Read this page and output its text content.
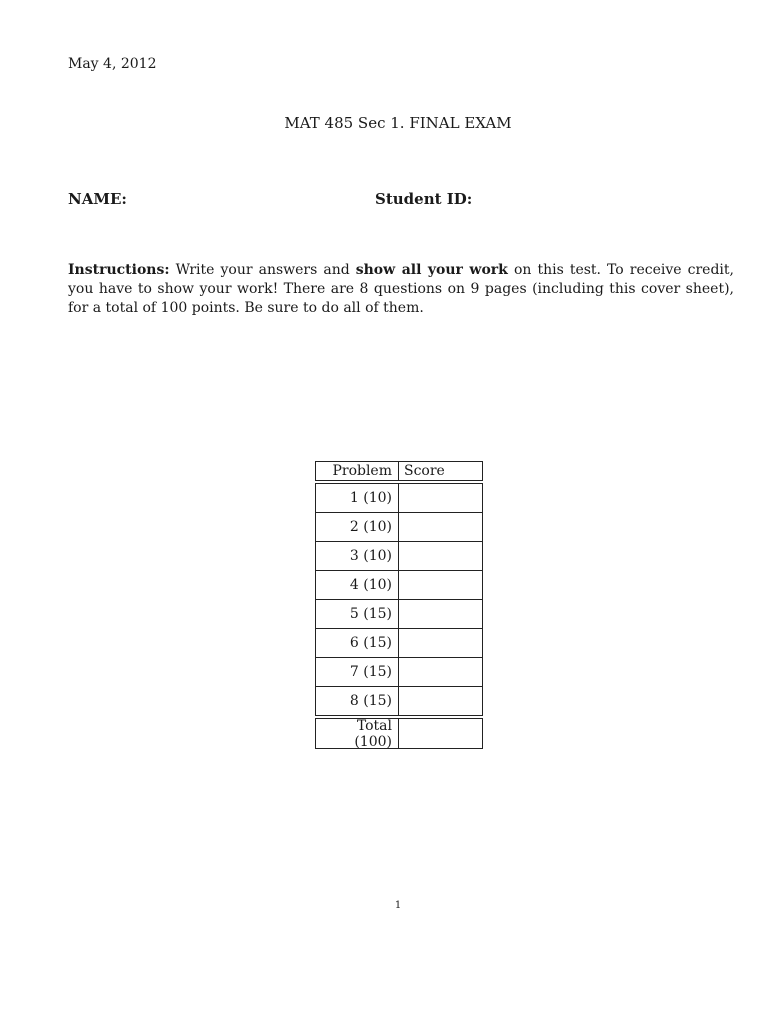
May 4, 2012
MAT 485 Sec 1. FINAL EXAM
NAME:	Student ID:
Instructions: Write your answers and show all your work on this test. To receive credit, you have to show your work! There are 8 questions on 9 pages (including this cover sheet), for a total of 100 points. Be sure to do all of them.
Problem Score
1 (10)
2 (10)
3 (10)
4 (10)
5 (15)
6 (15)
7 (15)
8 (15)
Total (100)
1
